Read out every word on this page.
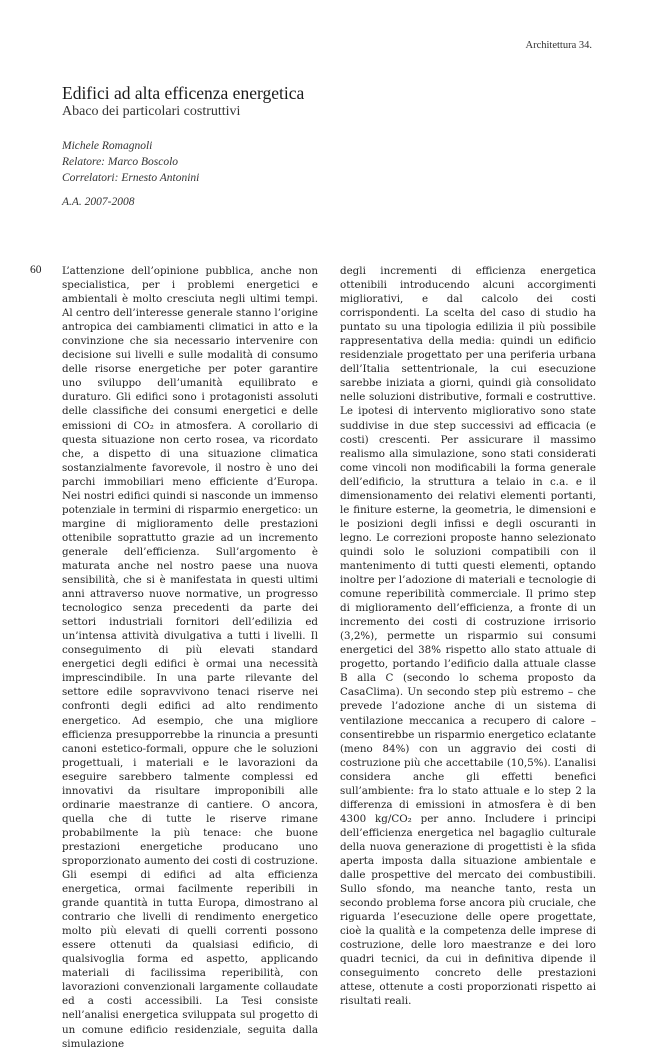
Architettura 34.
Edifici ad alta efficenza energetica
Abaco dei particolari costruttivi
Michele Romagnoli
Relatore: Marco Boscolo
Correlatori: Ernesto Antonini
A.A. 2007-2008
60 L’attenzione dell’opinione pubblica, anche non specialistica, per i problemi energetici e ambientali è molto cresciuta negli ultimi tempi. Al centro dell’interesse generale stanno l’origine antropica dei cambiamenti climatici in atto e la convinzione che sia necessario intervenire con decisione sui livelli e sulle modalità di consumo delle risorse energetiche per poter garantire uno sviluppo dell’umanità equilibrato e duraturo. Gli edifici sono i protagonisti assoluti delle classifiche dei consumi energetici e delle emissioni di CO₂ in atmosfera. A corollario di questa situazione non certo rosea, va ricordato che, a dispetto di una situazione climatica sostanzialmente favorevole, il nostro è uno dei parchi immobiliari meno efficiente d’Europa. Nei nostri edifici quindi si nasconde un immenso potenziale in termini di risparmio energetico: un margine di miglioramento delle prestazioni ottenibile soprattutto grazie ad un incremento generale dell’efficienza. Sull’argomento è maturata anche nel nostro paese una nuova sensibilità, che si è manifestata in questi ultimi anni attraverso nuove normative, un progresso tecnologico senza precedenti da parte dei settori industriali fornitori dell’edilizia ed un’intensa attività divulgativa a tutti i livelli. Il conseguimento di più elevati standard energetici degli edifici è ormai una necessità imprescindibile. In una parte rilevante del settore edile sopravvivono tenaci riserve nei confronti degli edifici ad alto rendimento energetico. Ad esempio, che una migliore efficienza presupporrebbe la rinuncia a presunti canoni estetico-formali, oppure che le soluzioni progettuali, i materiali e le lavorazioni da eseguire sarebbero talmente complessi ed innovativi da risultare improponibili alle ordinarie maestranze di cantiere. O ancora, quella che di tutte le riserve rimane probabilmente la più tenace: che buone prestazioni energetiche producano uno sproporzionato aumento dei costi di costruzione. Gli esempi di edifici ad alta efficienza energetica, ormai facilmente reperibili in grande quantità in tutta Europa, dimostrano al contrario che livelli di rendimento energetico molto più elevati di quelli correnti possono essere ottenuti da qualsiasi edificio, di qualsivoglia forma ed aspetto, applicando materiali di facilissima reperibilità, con lavorazioni convenzionali largamente collaudate ed a costi accessibili. La Tesi consiste nell’analisi energetica sviluppata sul progetto di un comune edificio residenziale, seguita dalla simulazione

degli incrementi di efficienza energetica ottenibili introducendo alcuni accorgimenti migliorativi, e dal calcolo dei costi corrispondenti. La scelta del caso di studio ha puntato su una tipologia edilizia il più possibile rappresentativa della media: quindi un edificio residenziale progettato per una periferia urbana dell’Italia settentrionale, la cui esecuzione sarebbe iniziata a giorni, quindi già consolidato nelle soluzioni distributive, formali e costruttive. Le ipotesi di intervento migliorativo sono state suddivise in due step successivi ad efficacia (e costi) crescenti. Per assicurare il massimo realismo alla simulazione, sono stati considerati come vincoli non modificabili la forma generale dell’edificio, la struttura a telaio in c.a. e il dimensionamento dei relativi elementi portanti, le finiture esterne, la geometria, le dimensioni e le posizioni degli infissi e degli oscuranti in legno. Le correzioni proposte hanno selezionato quindi solo le soluzioni compatibili con il mantenimento di tutti questi elementi, optando inoltre per l’adozione di materiali e tecnologie di comune reperibilità commerciale. Il primo step di miglioramento dell’efficienza, a fronte di un incremento dei costi di costruzione irrisorio (3,2%), permette un risparmio sui consumi energetici del 38% rispetto allo stato attuale di progetto, portando l’edificio dalla attuale classe B alla C (secondo lo schema proposto da CasaClima). Un secondo step più estremo – che prevede l’adozione anche di un sistema di ventilazione meccanica a recupero di calore – consentirebbe un risparmio energetico eclatante (meno 84%) con un aggravio dei costi di costruzione più che accettabile (10,5%). L’analisi considera anche gli effetti benefici sull’ambiente: fra lo stato attuale e lo step 2 la differenza di emissioni in atmosfera è di ben 4300 kg/CO₂ per anno. Includere i principi dell’efficienza energetica nel bagaglio culturale della nuova generazione di progettisti è la sfida aperta imposta dalla situazione ambientale e dalle prospettive del mercato dei combustibili. Sullo sfondo, ma neanche tanto, resta un secondo problema forse ancora più cruciale, che riguarda l’esecuzione delle opere progettate, cioè la qualità e la competenza delle imprese di costruzione, delle loro maestranze e dei loro quadri tecnici, da cui in definitiva dipende il conseguimento concreto delle prestazioni attese, ottenute a costi proporzionati rispetto ai risultati reali.
